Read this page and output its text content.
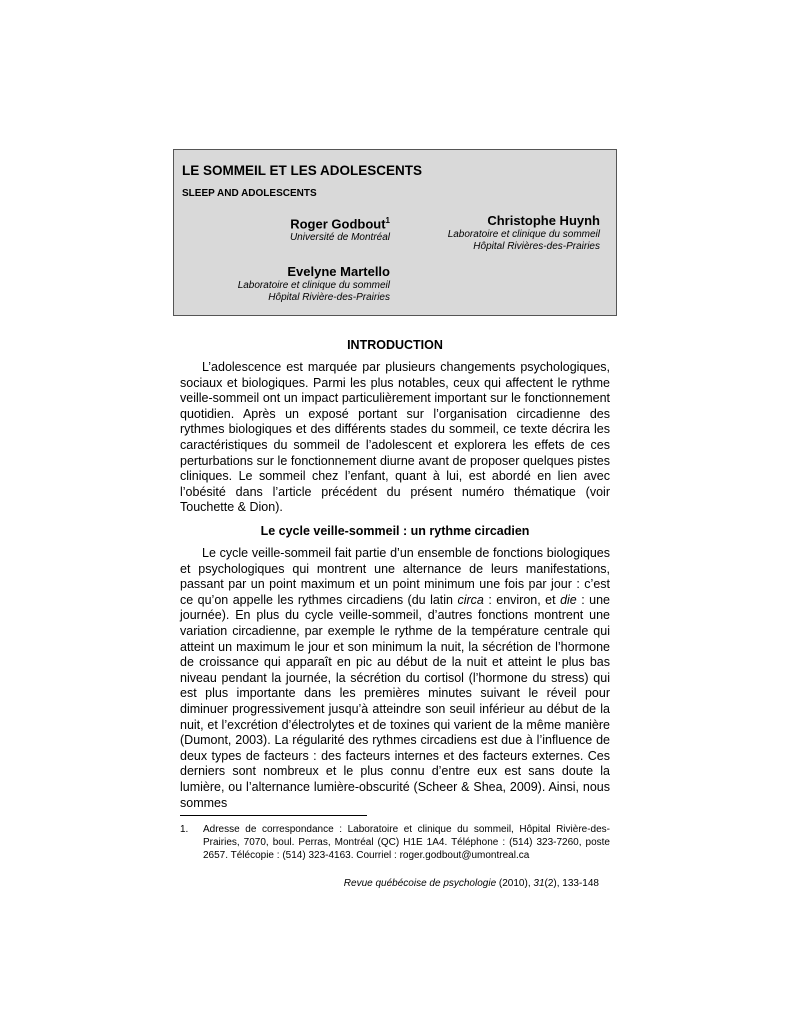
LE SOMMEIL ET LES ADOLESCENTS
SLEEP AND ADOLESCENTS
Roger Godbout$^1$
Université de Montréal
Christophe Huynh
Laboratoire et clinique du sommeil
Hôpital Rivières-des-Prairies
Evelyne Martello
Laboratoire et clinique du sommeil
Hôpital Rivière-des-Prairies
INTRODUCTION

L’adolescence est marquée par plusieurs changements psychologiques, sociaux et biologiques. Parmi les plus notables, ceux qui affectent le rythme veille-sommeil ont un impact particulièrement important sur le fonctionnement quotidien. Après un exposé portant sur l’organisation circadienne des rythmes biologiques et des différents stades du sommeil, ce texte décrira les caractéristiques du sommeil de l’adolescent et explorera les effets de ces perturbations sur le fonctionnement diurne avant de proposer quelques pistes cliniques. Le sommeil chez l’enfant, quant à lui, est abordé en lien avec l’obésité dans l’article précédent du présent numéro thématique (voir Touchette & Dion).

Le cycle veille-sommeil : un rythme circadien

Le cycle veille-sommeil fait partie d’un ensemble de fonctions biologiques et psychologiques qui montrent une alternance de leurs manifestations, passant par un point maximum et un point minimum une fois par jour : c’est ce qu’on appelle les rythmes circadiens (du latin circa : environ, et die : une journée). En plus du cycle veille-sommeil, d’autres fonctions montrent une variation circadienne, par exemple le rythme de la température centrale qui atteint un maximum le jour et son minimum la nuit, la sécrétion de l’hormone de croissance qui apparaît en pic au début de la nuit et atteint le plus bas niveau pendant la journée, la sécrétion du cortisol (l’hormone du stress) qui est plus importante dans les premières minutes suivant le réveil pour diminuer progressivement jusqu’à atteindre son seuil inférieur au début de la nuit, et l’excrétion d’électrolytes et de toxines qui varient de la même manière (Dumont, 2003). La régularité des rythmes circadiens est due à l’influence de deux types de facteurs : des facteurs internes et des facteurs externes. Ces derniers sont nombreux et le plus connu d’entre eux est sans doute la lumière, ou l’alternance lumière-obscurité (Scheer & Shea, 2009). Ainsi, nous sommes

1. Adresse de correspondance : Laboratoire et clinique du sommeil, Hôpital Rivière-des-Prairies, 7070, boul. Perras, Montréal (QC) H1E 1A4. Téléphone : (514) 323-7260, poste 2657. Télécopie : (514) 323-4163. Courriel : roger.godbout@umontreal.ca
Revue québécoise de psychologie (2010), 31(2), 133-148
